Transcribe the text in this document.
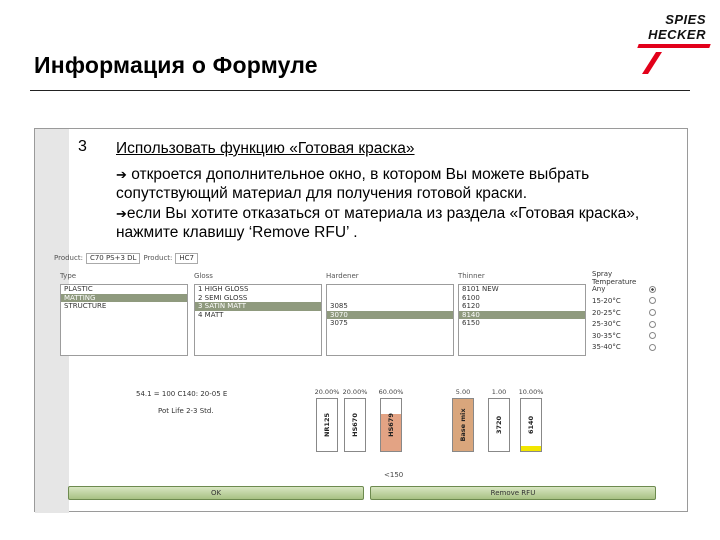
Информация о Формуле
SPIES
HECKER
3 Использовать функцию «Готовая краска»
➔ откроется дополнительное окно, в котором Вы можете выбрать сопутствующий материал для получения готовой краски.
➔если Вы хотите отказаться от материала из раздела «Готовая краска», нажмите клавишу ‘Remove RFU’ .
Product:	C70 PS+3 DL	Product:	HC7
Type
PLASTIC
MATTING
STRUCTURE
Gloss
1 HIGH GLOSS
2 SEMI GLOSS
3 SATIN MATT
4 MATT
Hardener
3085
3070
3075
Thinner
8101 NEW
6100
6120
8140
6150
Spray Temperature
Any
15-20°C
20-25°C
25-30°C
30-35°C
35-40°C
54.1 = 100 C140: 20-05 E
Pot Life 2-3 Std.
20.00%
NR125
20.00%
HS670
60.00%
HS679
5.00
Base mix
1.00
3720
10.00%
6140
<150
OK	Remove RFU
